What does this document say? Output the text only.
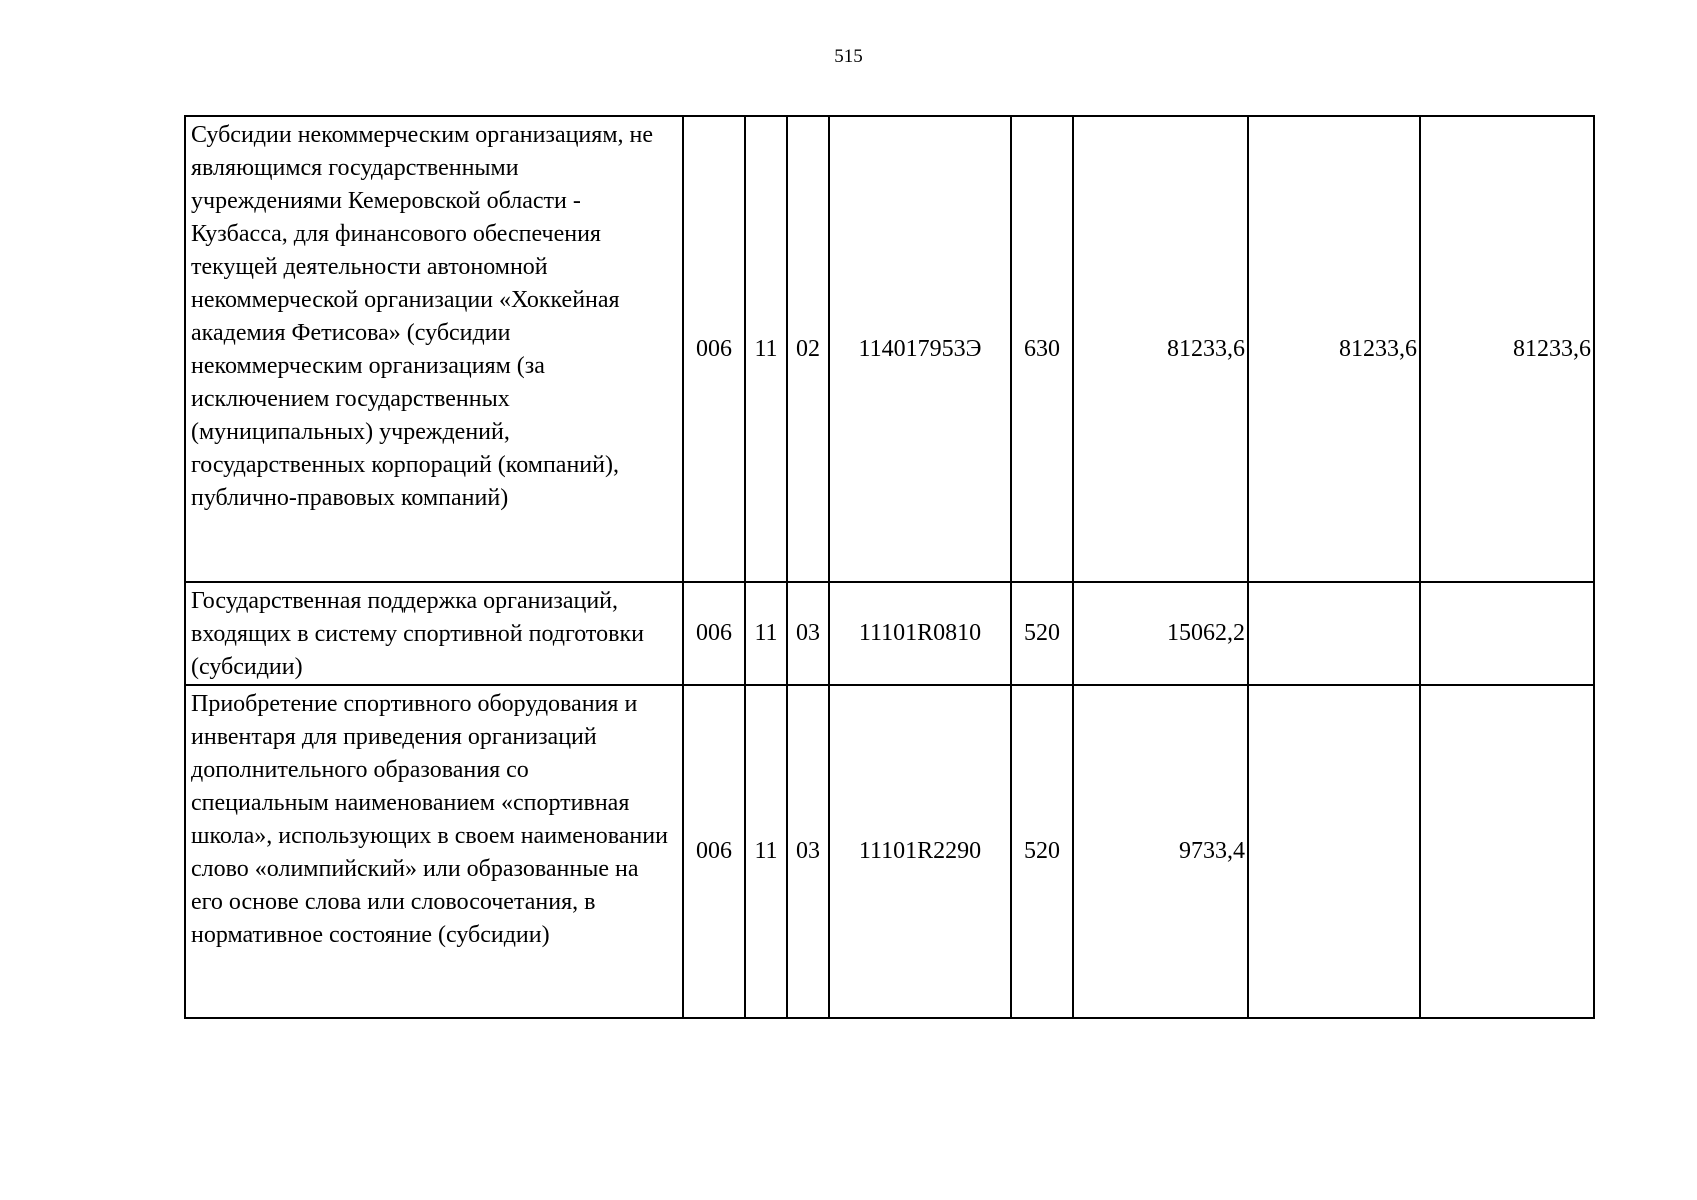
515
Субсидии некоммерческим организациям, не являющимся государственными учреждениями Кемеровской области - Кузбасса, для финансового обеспечения текущей деятельности автономной некоммерческой организации «Хоккейная академия Фетисова» (субсидии некоммерческим организациям (за исключением государственных (муниципальных) учреждений, государственных корпораций (компаний), публично-правовых компаний)	006	11	02	114017953Э	630	81233,6	81233,6	81233,6
Государственная поддержка организаций, входящих в систему спортивной подготовки (субсидии)	006	11	03	11101R0810	520	15062,2		
Приобретение спортивного оборудования и инвентаря для приведения организаций дополнительного образования со специальным наименованием «спортивная школа», использующих в своем наименовании слово «олимпийский» или образованные на его основе слова или словосочетания, в нормативное состояние (субсидии)	006	11	03	11101R2290	520	9733,4		
